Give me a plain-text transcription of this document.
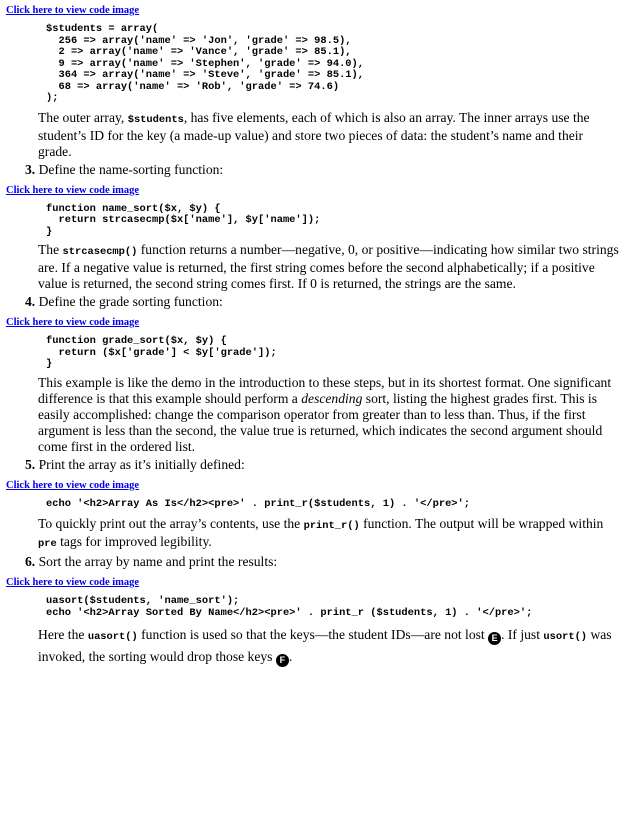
Click here to view code image
$students = array(
256 => array('name' => 'Jon', 'grade' => 98.5),
2 => array('name' => 'Vance', 'grade' => 85.1),
9 => array('name' => 'Stephen', 'grade' => 94.0),
364 => array('name' => 'Steve', 'grade' => 85.1),
68 => array('name' => 'Rob', 'grade' => 74.6)
);

The outer array, $students, has five elements, each of which is also an array. The inner arrays use the student’s ID for the key (a made-up value) and store two pieces of data: the student’s name and their grade.

3. Define the name-sorting function:

Click here to view code image
function name_sort($x, $y) {
return strcasecmp($x['name'], $y['name']);
}

The strcasecmp() function returns a number—negative, 0, or positive—indicating how similar two strings are. If a negative value is returned, the first string comes before the second alphabetically; if a positive value is returned, the second string comes first. If 0 is returned, the strings are the same.

4. Define the grade sorting function:

Click here to view code image
function grade_sort($x, $y) {
return ($x['grade'] < $y['grade']);
}

This example is like the demo in the introduction to these steps, but in its shortest format. One significant difference is that this example should perform a descending sort, listing the highest grades first. This is easily accomplished: change the comparison operator from greater than to less than. Thus, if the first argument is less than the second, the value true is returned, which indicates the second argument should come first in the ordered list.

5. Print the array as it’s initially defined:

Click here to view code image
echo '<h2>Array As Is</h2><pre>' . print_r($students, 1) . '</pre>';

To quickly print out the array’s contents, use the print_r() function. The output will be wrapped within pre tags for improved legibility.

6. Sort the array by name and print the results:

Click here to view code image
uasort($students, 'name_sort');
echo '<h2>Array Sorted By Name</h2><pre>' . print_r ($students, 1) . '</pre>';

Here the uasort() function is used so that the keys—the student IDs—are not lost E . If just usort() was invoked, the sorting would drop those keys F .
